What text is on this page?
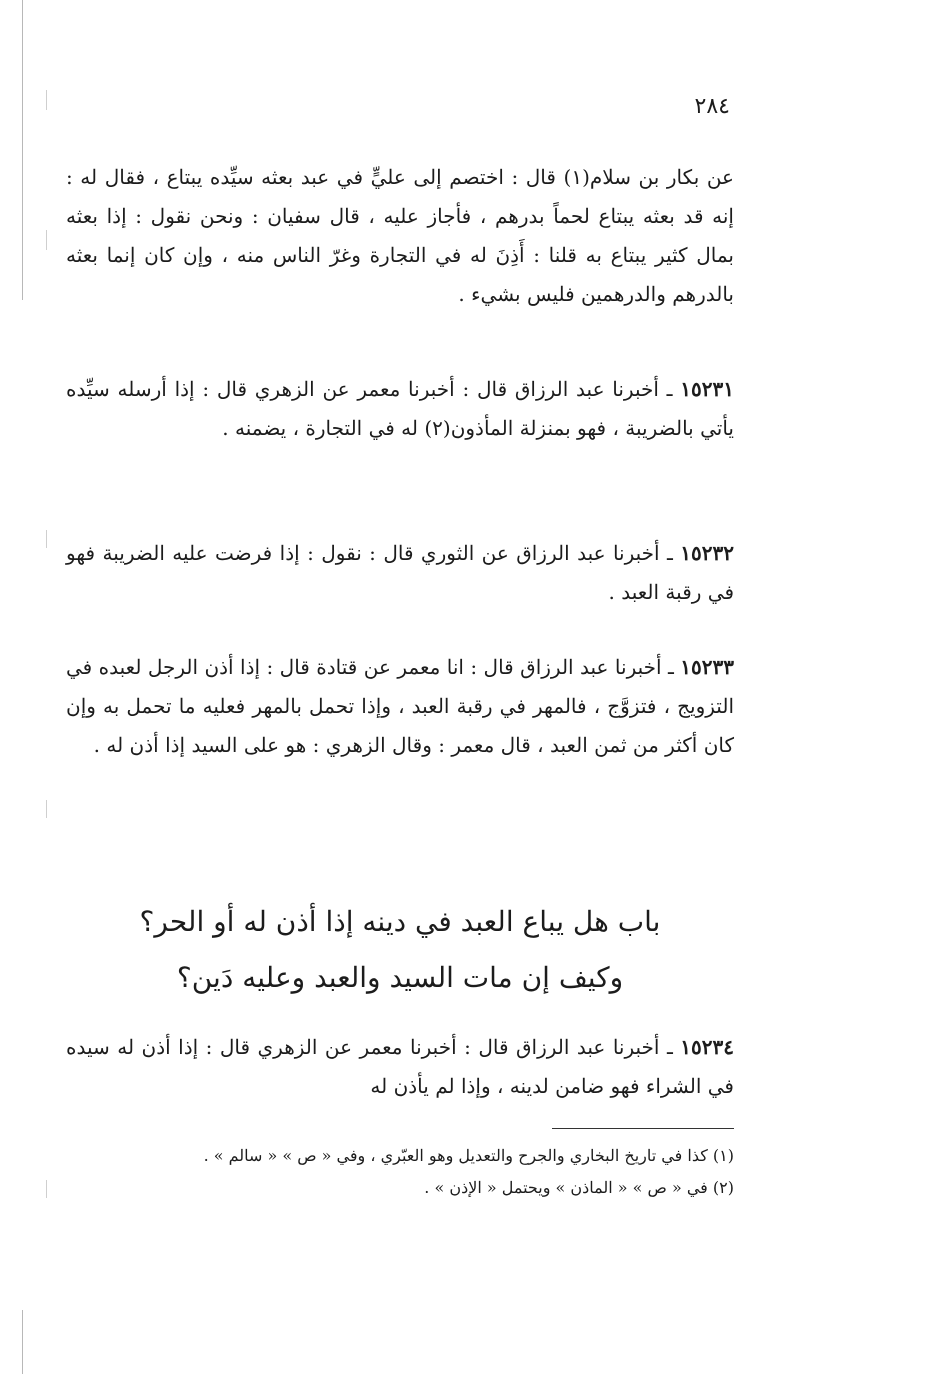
٢٨٤

عن بكار بن سلام(١) قال : اختصم إلى عليٍّ في عبد بعثه سيِّده يبتاع ، فقال له : إنه قد بعثه يبتاع لحماً بدرهم ، فأجاز عليه ، قال سفيان : ونحن نقول : إذا بعثه بمال كثير يبتاع به قلنا : أَذِنَ له في التجارة وغرّ الناس منه ، وإن كان إنما بعثه بالدرهم والدرهمين فليس بشيء .

١٥٢٣١ ـ أخبرنا عبد الرزاق قال : أخبرنا معمر عن الزهري قال : إذا أرسله سيِّده يأتي بالضريبة ، فهو بمنزلة المأذون(٢) له في التجارة ، يضمنه .

١٥٢٣٢ ـ أخبرنا عبد الرزاق عن الثوري قال : نقول : إذا فرضت عليه الضريبة فهو في رقبة العبد .

١٥٢٣٣ ـ أخبرنا عبد الرزاق قال : انا معمر عن قتادة قال : إذا أذن الرجل لعبده في التزويج ، فتزوَّج ، فالمهر في رقبة العبد ، وإذا تحمل بالمهر فعليه ما تحمل به وإن كان أكثر من ثمن العبد ، قال معمر : وقال الزهري : هو على السيد إذا أذن له .

باب هل يباع العبد في دينه إذا أذن له أو الحر؟
وكيف إن مات السيد والعبد وعليه دَين؟

١٥٢٣٤ ـ أخبرنا عبد الرزاق قال : أخبرنا معمر عن الزهري قال : إذا أذن له سيده في الشراء فهو ضامن لدينه ، وإذا لم يأذن له

(١) كذا في تاريخ البخاري والجرح والتعديل وهو العبّري ، وفي « ص » « سالم » .
(٢) في « ص » « الماذن » ويحتمل « الإذن » .
